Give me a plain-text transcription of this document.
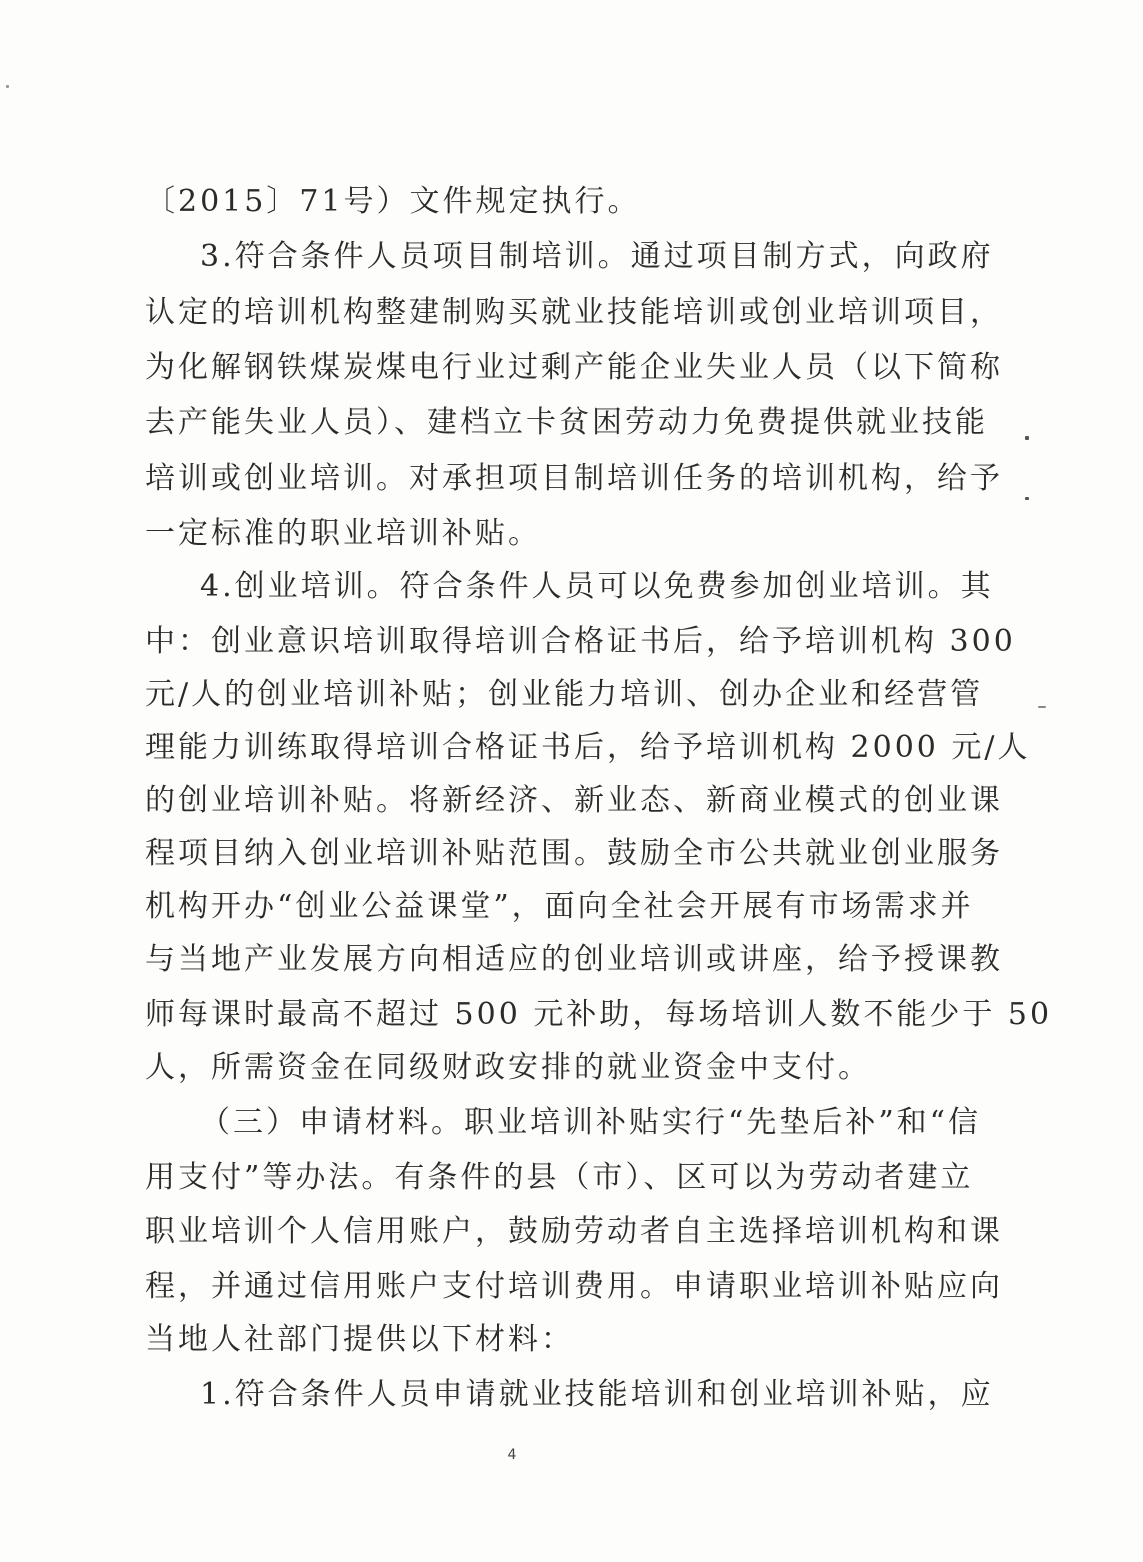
〔2015〕71号）文件规定执行。
3.符合条件人员项目制培训。通过项目制方式，向政府
认定的培训机构整建制购买就业技能培训或创业培训项目，
为化解钢铁煤炭煤电行业过剩产能企业失业人员（以下简称
去产能失业人员）、建档立卡贫困劳动力免费提供就业技能
培训或创业培训。对承担项目制培训任务的培训机构，给予
一定标准的职业培训补贴。
4.创业培训。符合条件人员可以免费参加创业培训。其
中：创业意识培训取得培训合格证书后，给予培训机构 300
元/人的创业培训补贴；创业能力培训、创办企业和经营管
理能力训练取得培训合格证书后，给予培训机构 2000 元/人
的创业培训补贴。将新经济、新业态、新商业模式的创业课
程项目纳入创业培训补贴范围。鼓励全市公共就业创业服务
机构开办“创业公益课堂”，面向全社会开展有市场需求并
与当地产业发展方向相适应的创业培训或讲座，给予授课教
师每课时最高不超过 500 元补助，每场培训人数不能少于 50
人，所需资金在同级财政安排的就业资金中支付。
（三）申请材料。职业培训补贴实行“先垫后补”和“信
用支付”等办法。有条件的县（市）、区可以为劳动者建立
职业培训个人信用账户，鼓励劳动者自主选择培训机构和课
程，并通过信用账户支付培训费用。申请职业培训补贴应向
当地人社部门提供以下材料：
1.符合条件人员申请就业技能培训和创业培训补贴，应
4
